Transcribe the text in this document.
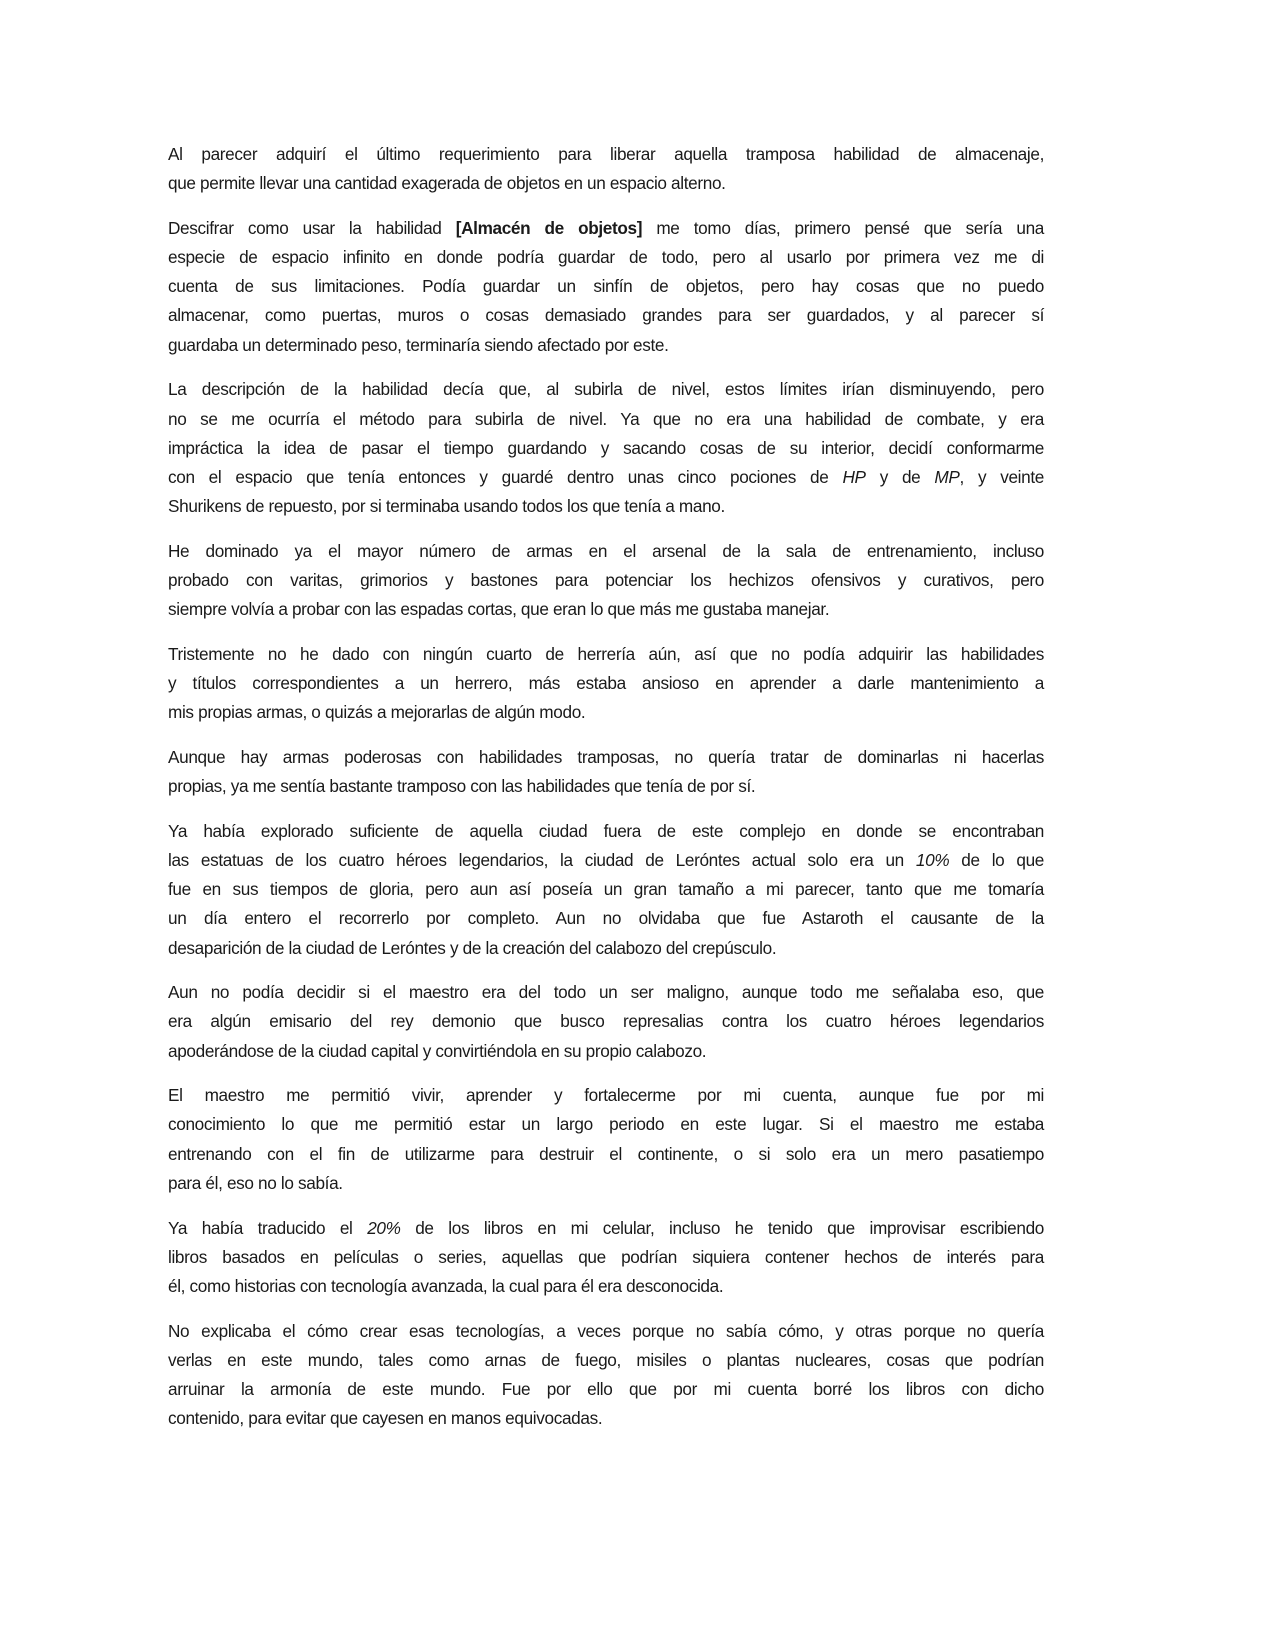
Al parecer adquirí el último requerimiento para liberar aquella tramposa habilidad de almacenaje,
que permite llevar una cantidad exagerada de objetos en un espacio alterno.
Descifrar como usar la habilidad [Almacén de objetos] me tomo días, primero pensé que sería una
especie de espacio infinito en donde podría guardar de todo, pero al usarlo por primera vez me di
cuenta de sus limitaciones. Podía guardar un sinfín de objetos, pero hay cosas que no puedo
almacenar, como puertas, muros o cosas demasiado grandes para ser guardados, y al parecer sí
guardaba un determinado peso, terminaría siendo afectado por este.
La descripción de la habilidad decía que, al subirla de nivel, estos límites irían disminuyendo, pero
no se me ocurría el método para subirla de nivel. Ya que no era una habilidad de combate, y era
impráctica la idea de pasar el tiempo guardando y sacando cosas de su interior, decidí conformarme
con el espacio que tenía entonces y guardé dentro unas cinco pociones de HP y de MP, y veinte
Shurikens de repuesto, por si terminaba usando todos los que tenía a mano.
He dominado ya el mayor número de armas en el arsenal de la sala de entrenamiento, incluso
probado con varitas, grimorios y bastones para potenciar los hechizos ofensivos y curativos, pero
siempre volvía a probar con las espadas cortas, que eran lo que más me gustaba manejar.
Tristemente no he dado con ningún cuarto de herrería aún, así que no podía adquirir las habilidades
y títulos correspondientes a un herrero, más estaba ansioso en aprender a darle mantenimiento a
mis propias armas, o quizás a mejorarlas de algún modo.
Aunque hay armas poderosas con habilidades tramposas, no quería tratar de dominarlas ni hacerlas
propias, ya me sentía bastante tramposo con las habilidades que tenía de por sí.
Ya había explorado suficiente de aquella ciudad fuera de este complejo en donde se encontraban
las estatuas de los cuatro héroes legendarios, la ciudad de Leróntes actual solo era un 10% de lo que
fue en sus tiempos de gloria, pero aun así poseía un gran tamaño a mi parecer, tanto que me tomaría
un día entero el recorrerlo por completo. Aun no olvidaba que fue Astaroth el causante de la
desaparición de la ciudad de Leróntes y de la creación del calabozo del crepúsculo.
Aun no podía decidir si el maestro era del todo un ser maligno, aunque todo me señalaba eso, que
era algún emisario del rey demonio que busco represalias contra los cuatro héroes legendarios
apoderándose de la ciudad capital y convirtiéndola en su propio calabozo.
El maestro me permitió vivir, aprender y fortalecerme por mi cuenta, aunque fue por mi
conocimiento lo que me permitió estar un largo periodo en este lugar. Si el maestro me estaba
entrenando con el fin de utilizarme para destruir el continente, o si solo era un mero pasatiempo
para él, eso no lo sabía.
Ya había traducido el 20% de los libros en mi celular, incluso he tenido que improvisar escribiendo
libros basados en películas o series, aquellas que podrían siquiera contener hechos de interés para
él, como historias con tecnología avanzada, la cual para él era desconocida.
No explicaba el cómo crear esas tecnologías, a veces porque no sabía cómo, y otras porque no quería
verlas en este mundo, tales como arnas de fuego, misiles o plantas nucleares, cosas que podrían
arruinar la armonía de este mundo. Fue por ello que por mi cuenta borré los libros con dicho
contenido, para evitar que cayesen en manos equivocadas.
